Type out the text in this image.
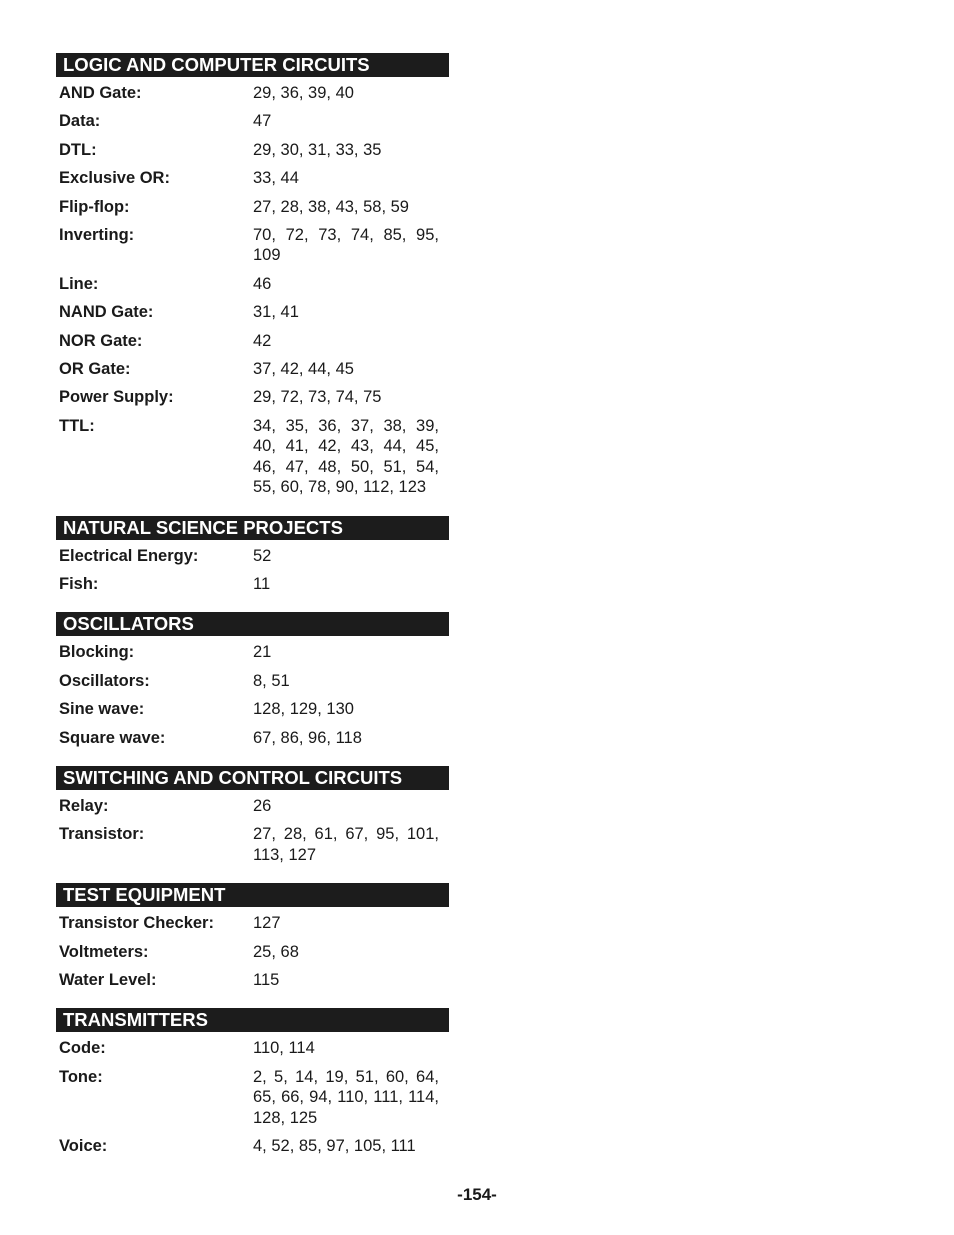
LOGIC AND COMPUTER CIRCUITS
AND Gate:	29, 36, 39, 40
Data:	47
DTL:	29, 30, 31, 33, 35
Exclusive OR:	33, 44
Flip-flop:	27, 28, 38, 43, 58, 59
Inverting:	70, 72, 73, 74, 85, 95, 109
Line:	46
NAND Gate:	31, 41
NOR Gate:	42
OR Gate:	37, 42, 44, 45
Power Supply:	29, 72, 73, 74, 75
TTL:	34, 35, 36, 37, 38, 39, 40, 41, 42, 43, 44, 45, 46, 47, 48, 50, 51, 54, 55, 60, 78, 90, 112, 123
NATURAL SCIENCE PROJECTS
Electrical Energy:	52
Fish:	11
OSCILLATORS
Blocking:	21
Oscillators:	8, 51
Sine wave:	128, 129, 130
Square wave:	67, 86, 96, 118
SWITCHING AND CONTROL CIRCUITS
Relay:	26
Transistor:	27, 28, 61, 67, 95, 101, 113, 127
TEST EQUIPMENT
Transistor Checker:	127
Voltmeters:	25, 68
Water Level:	115
TRANSMITTERS
Code:	110, 114
Tone:	2, 5, 14, 19, 51, 60, 64, 65, 66, 94, 110, 111, 114, 128, 125
Voice:	4, 52, 85, 97, 105, 111
-154-
